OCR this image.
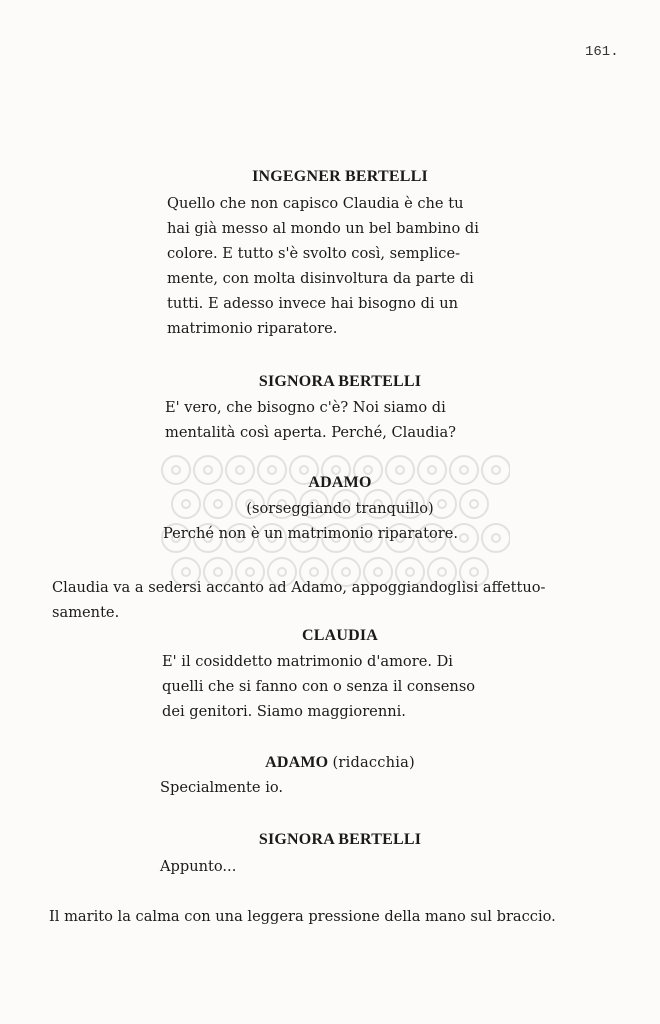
161.
INGEGNER BERTELLI
Quello che non capisco Claudia è che tu
hai già messo al mondo un bel bambino di
colore. E tutto s'è svolto così, semplice-
mente, con molta disinvoltura da parte di
tutti. E adesso invece hai bisogno di un
matrimonio riparatore.
SIGNORA BERTELLI
E' vero, che bisogno c'è? Noi siamo di
mentalità così aperta. Perché, Claudia?
ADAMO
(sorseggiando tranquillo)
Perché non è un matrimonio riparatore.
Claudia va a sedersi accanto ad Adamo, appoggiandoglisi affettuo-
samente.
CLAUDIA
E' il cosiddetto matrimonio d'amore. Di
quelli che si fanno con o senza il consenso
dei genitori. Siamo maggiorenni.
ADAMO (ridacchia)
Specialmente io.
SIGNORA BERTELLI
Appunto...
Il marito la calma con una leggera pressione della mano sul braccio.
